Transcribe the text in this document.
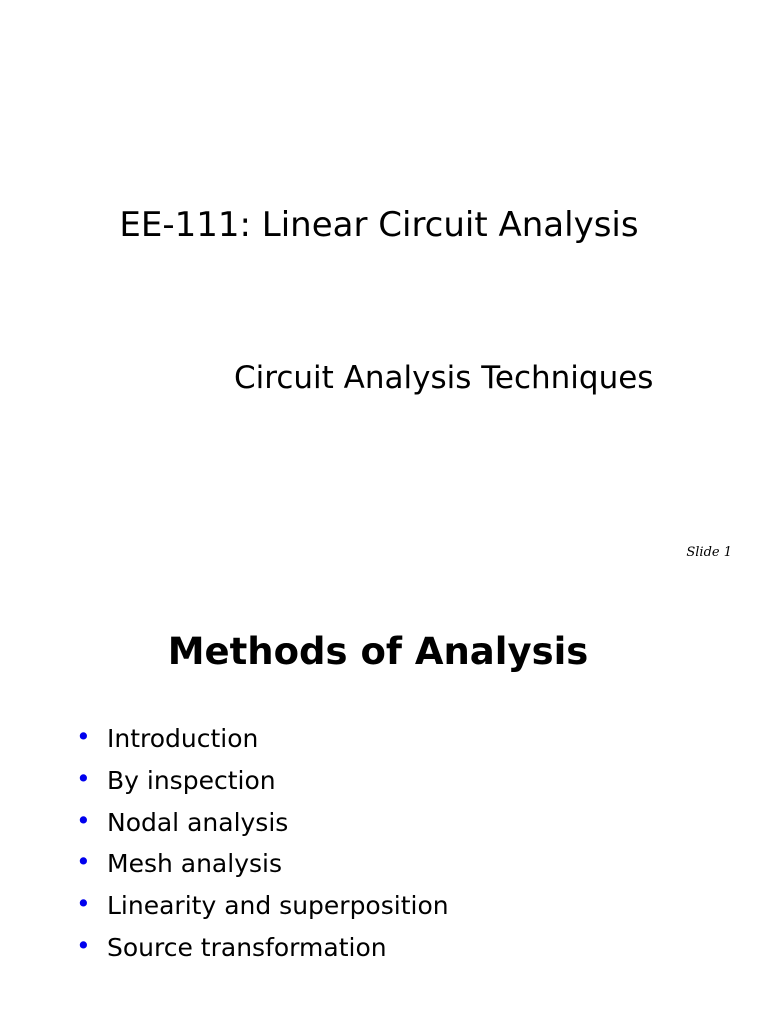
EE-111: Linear Circuit Analysis
Circuit Analysis Techniques
Slide 1
Methods of Analysis
• Introduction
• By inspection
• Nodal analysis
• Mesh analysis
• Linearity and superposition
• Source transformation
